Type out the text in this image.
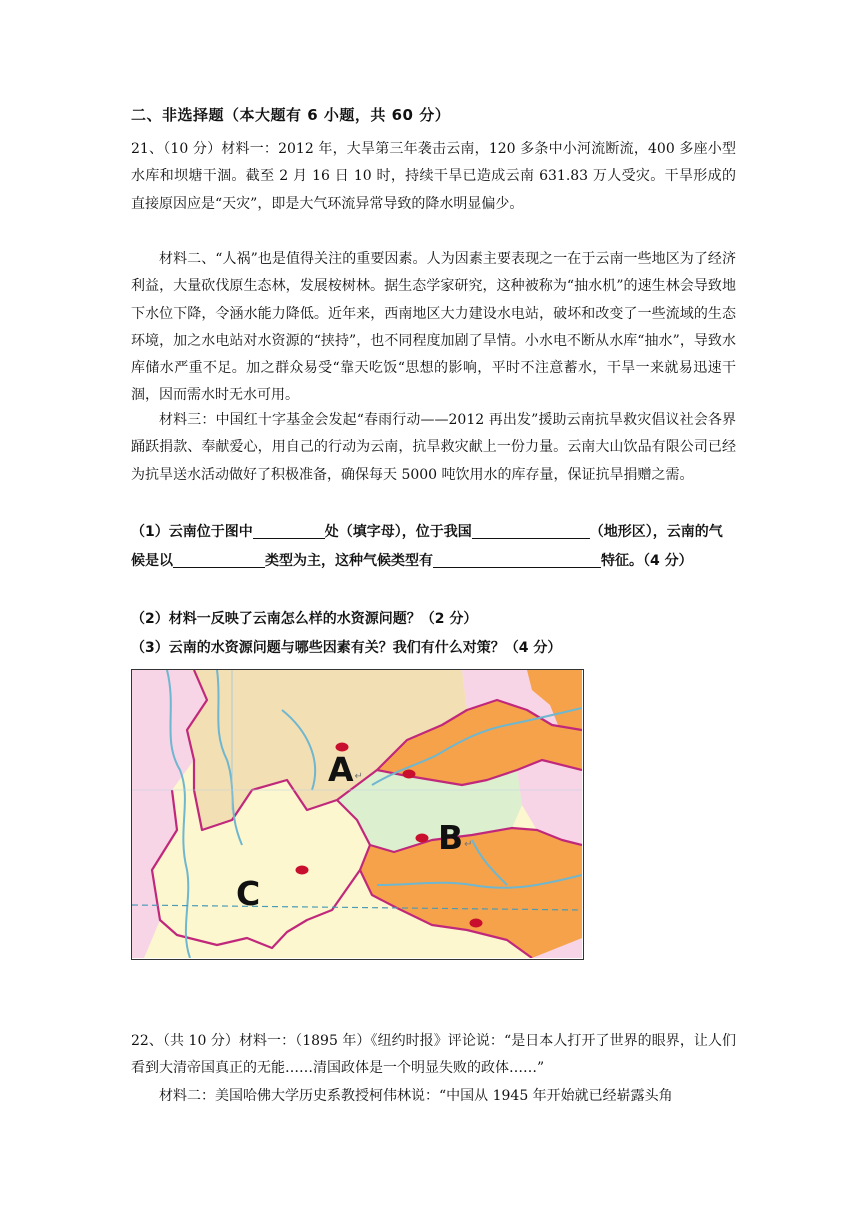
二、非选择题（本大题有 6 小题，共 60 分）

21、（10 分）材料一：2012 年，大旱第三年袭击云南，120 多条中小河流断流，400 多座小型水库和坝塘干涸。截至 2 月 16 日 10 时，持续干旱已造成云南 631.83 万人受灾。干旱形成的直接原因应是“天灾”，即是大气环流异常导致的降水明显偏少。

材料二、“人祸”也是值得关注的重要因素。人为因素主要表现之一在于云南一些地区为了经济利益，大量砍伐原生态林，发展桉树林。据生态学家研究，这种被称为“抽水机”的速生林会导致地下水位下降，令涵水能力降低。近年来，西南地区大力建设水电站，破坏和改变了一些流域的生态环境，加之水电站对水资源的“挟持”，也不同程度加剧了旱情。小水电不断从水库“抽水”，导致水库储水严重不足。加之群众易受“靠天吃饭“思想的影响，平时不注意蓄水，干旱一来就易迅速干涸，因而需水时无水可用。

材料三：中国红十字基金会发起“春雨行动——2012 再出发”援助云南抗旱救灾倡议社会各界踊跃捐款、奉献爱心，用自己的行动为云南，抗旱救灾献上一份力量。云南大山饮品有限公司已经为抗旱送水活动做好了积极准备，确保每天 5000 吨饮用水的库存量，保证抗旱捐赠之需。

（1）云南位于图中	处（填字母），位于我国	（地形区），云南的气候是以	类型为主，这种气候类型有	特征。（4 分）

（2）材料一反映了云南怎么样的水资源问题？（2 分）

（3）云南的水资源问题与哪些因素有关？我们有什么对策？（4 分）

A↵
B↵
C

22、（共 10 分）材料一：（1895 年）《纽约时报》评论说：“是日本人打开了世界的眼界，让人们看到大清帝国真正的无能……清国政体是一个明显失败的政体……”

材料二：美国哈佛大学历史系教授柯伟林说：“中国从 1945 年开始就已经崭露头角
